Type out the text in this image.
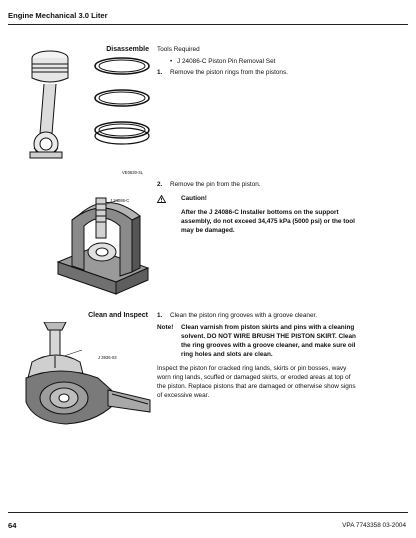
Engine Mechanical 3.0 Liter
Disassemble Tools Required
• J 24086-C Piston Pin Removal Set
1. Remove the piston rings from the pistons.
VE0630-3L
2. Remove the pin from the piston.
Caution!
After the J 24086-C Installer bottoms on the support
assembly, do not exceed 34,475 kPa (5000 psi) or the tool
may be damaged.
J 24086-C
Clean and Inspect 1. Clean the piston ring grooves with a groove cleaner.
Note! Clean varnish from piston skirts and pins with a cleaning
solvent. DO NOT WIRE BRUSH THE PISTON SKIRT. Clean
the ring grooves with a groove cleaner, and make sure oil
ring holes and slots are clean.
Inspect the piston for cracked ring lands, skirts or pin bosses, wavy
worn ring lands, scuffed or damaged skirts, or eroded areas at top of
the piston. Replace pistons that are damaged or otherwise show signs
of excessive wear.
J 3936-03
64	VPA 7743358 03-2004
